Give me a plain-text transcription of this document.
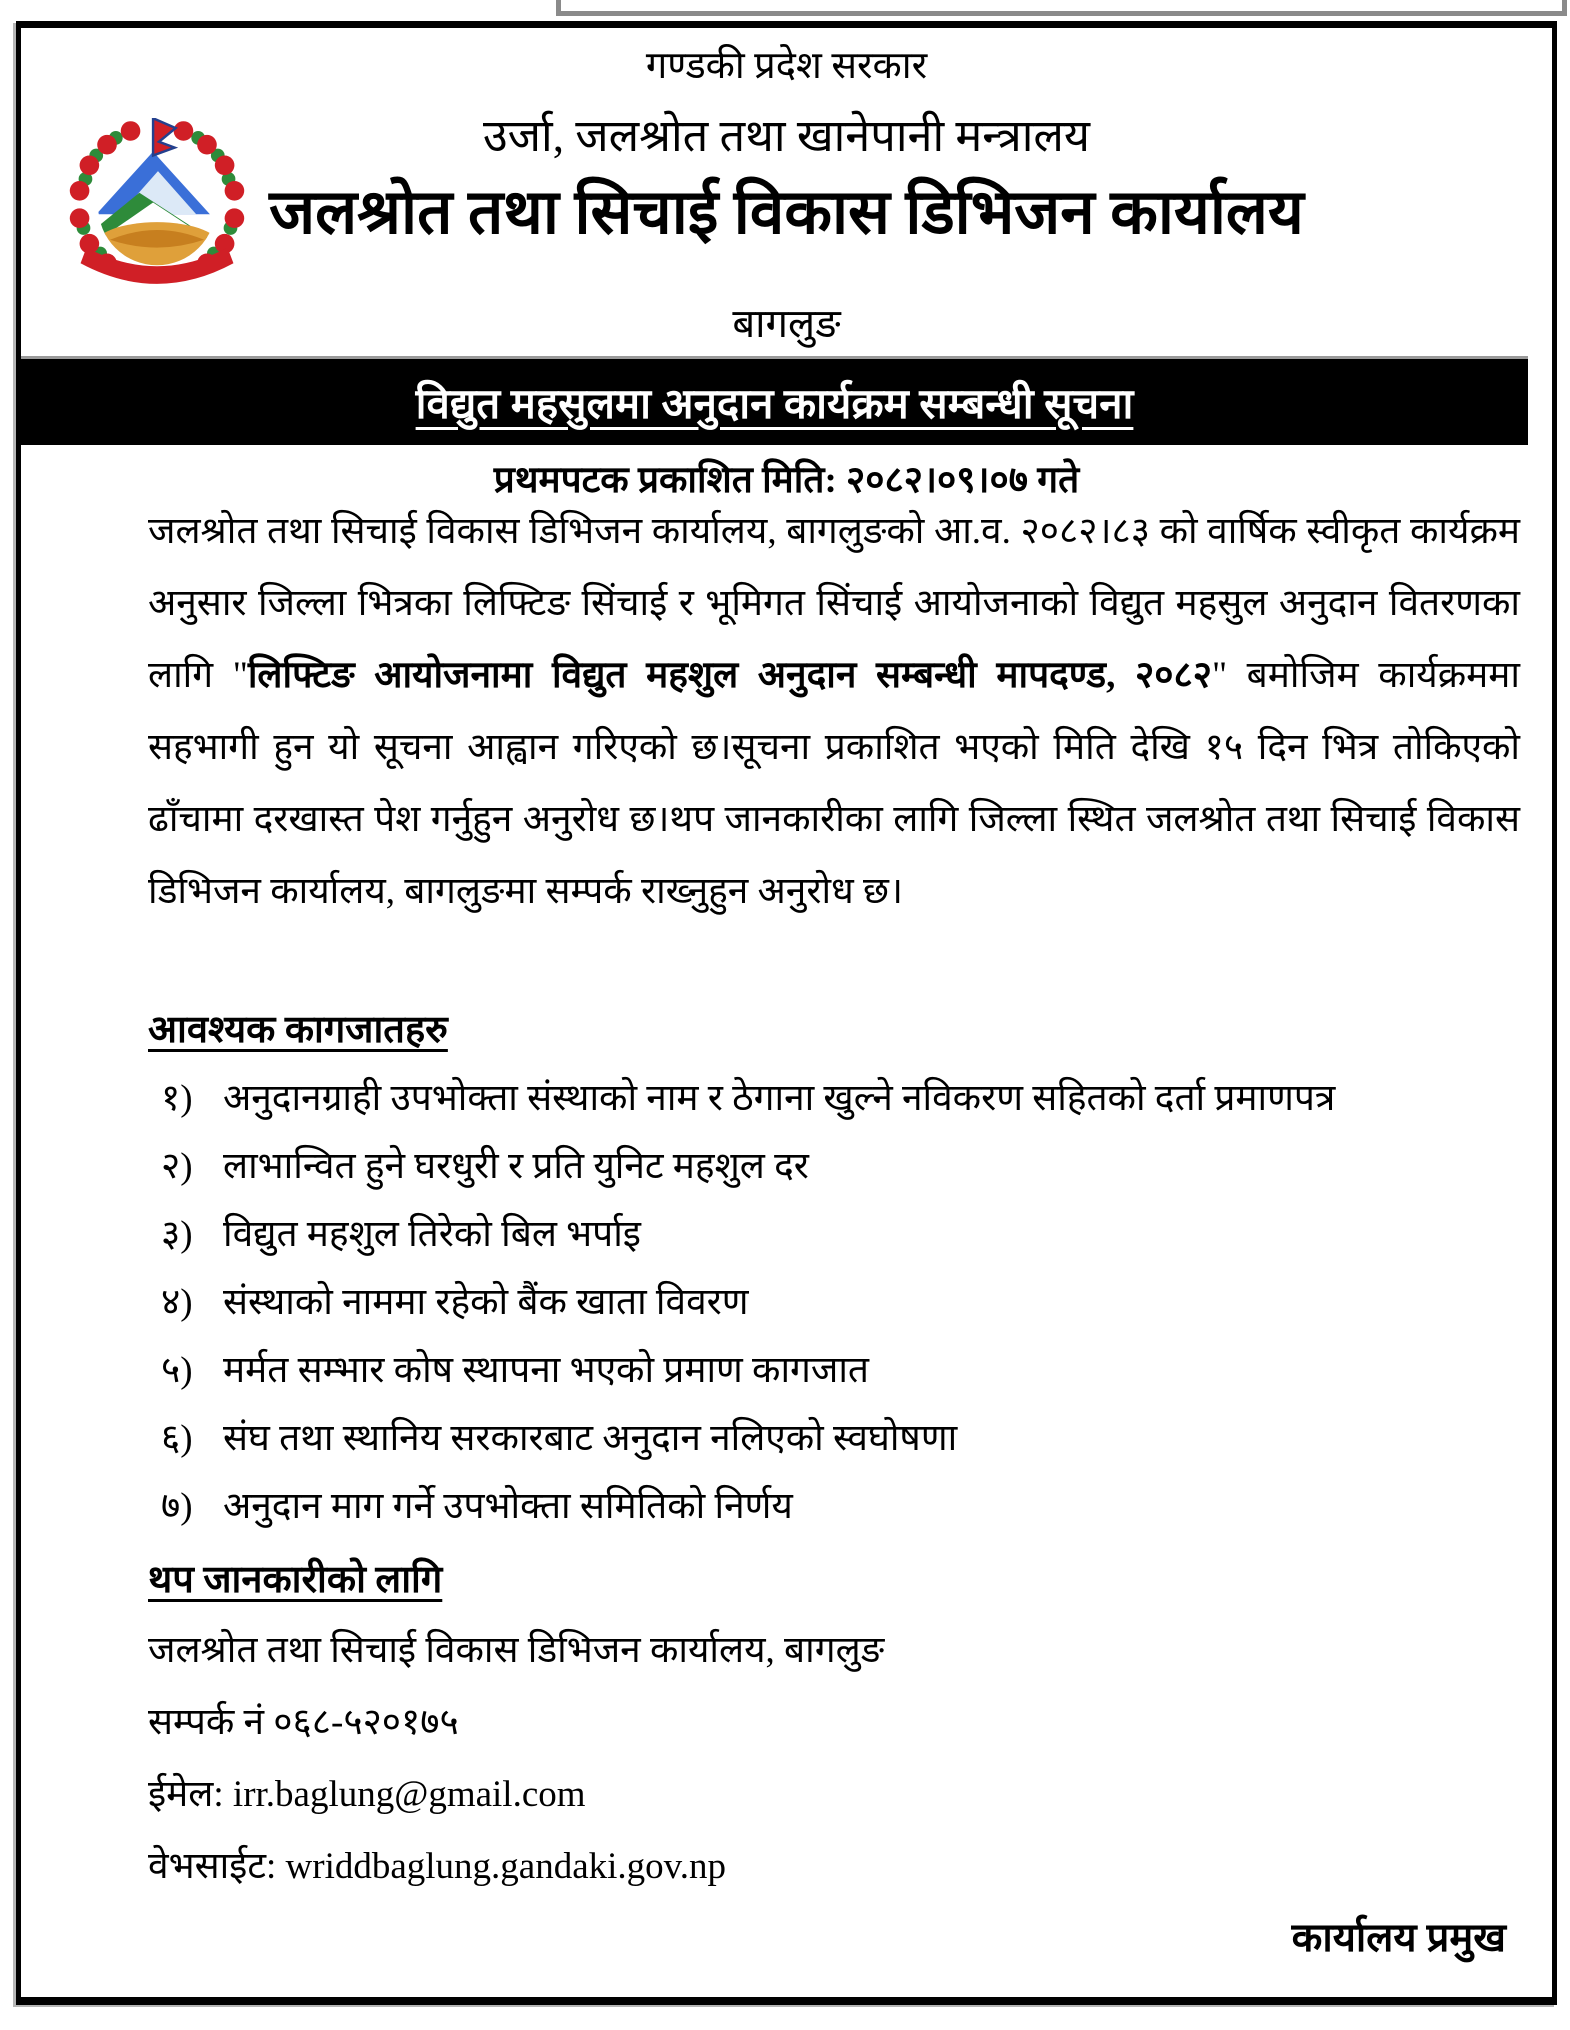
गण्डकी प्रदेश सरकार
उर्जा, जलश्रोत तथा खानेपानी मन्त्रालय
जलश्रोत तथा सिचाई विकास डिभिजन कार्यालय
बागलुङ
विद्युत महसुलमा अनुदान कार्यक्रम सम्बन्धी सूचना
प्रथमपटक प्रकाशित मिति: २०८२।०९।०७ गते
जलश्रोत तथा सिचाई विकास डिभिजन कार्यालय, बागलुङको आ.व. २०८२।८३ को वार्षिक स्वीकृत कार्यक्रम अनुसार जिल्ला भित्रका लिफ्टिङ सिंचाई र भूमिगत सिंचाई आयोजनाको विद्युत महसुल अनुदान वितरणका लागि "लिफ्टिङ आयोजनामा विद्युत महशुल अनुदान सम्बन्धी मापदण्ड, २०८२" बमोजिम कार्यक्रममा सहभागी हुन यो सूचना आह्वान गरिएको छ।सूचना प्रकाशित भएको मिति देखि १५ दिन भित्र तोकिएको ढाँचामा दरखास्त पेश गर्नुहुन अनुरोध छ।थप जानकारीका लागि जिल्ला स्थित जलश्रोत तथा सिचाई विकास डिभिजन कार्यालय, बागलुङमा सम्पर्क राख्नुहुन अनुरोध छ।
आवश्यक कागजातहरु
१) अनुदानग्राही उपभोक्ता संस्थाको नाम र ठेगाना खुल्ने नविकरण सहितको दर्ता प्रमाणपत्र
२) लाभान्वित हुने घरधुरी र प्रति युनिट महशुल दर
३) विद्युत महशुल तिरेको बिल भर्पाइ
४) संस्थाको नाममा रहेको बैंक खाता विवरण
५) मर्मत सम्भार कोष स्थापना भएको प्रमाण कागजात
६) संघ तथा स्थानिय सरकारबाट अनुदान नलिएको स्वघोषणा
७) अनुदान माग गर्ने उपभोक्ता समितिको निर्णय
थप जानकारीको लागि
जलश्रोत तथा सिचाई विकास डिभिजन कार्यालय, बागलुङ
सम्पर्क नं ०६८-५२०१७५
ईमेल: irr.baglung@gmail.com
वेभसाईट: wriddbaglung.gandaki.gov.np
कार्यालय प्रमुख
